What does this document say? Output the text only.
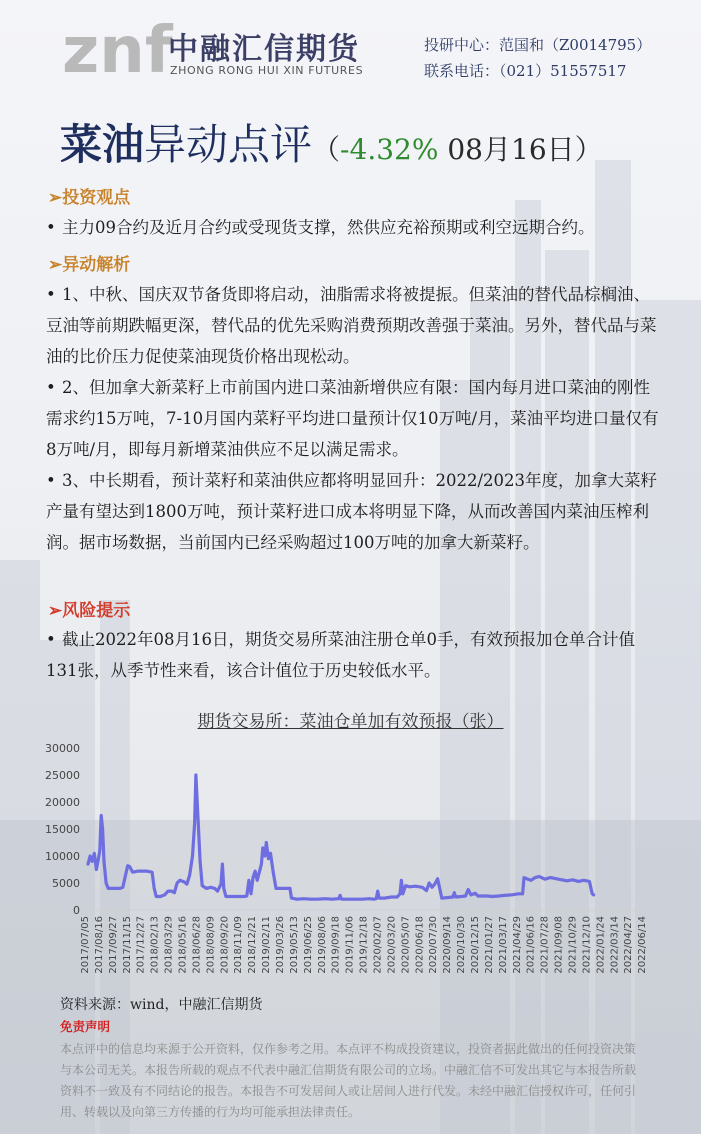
znf
中融汇信期货
ZHONG RONG HUI XIN FUTURES
投研中心：范国和（Z0014795）
联系电话：（021）51557517
菜油异动点评（-4.32% 08月16日）
➢投资观点
• 主力09合约及近月合约或受现货支撑，然供应充裕预期或利空远期合约。
➢异动解析
• 1、中秋、国庆双节备货即将启动，油脂需求将被提振。但菜油的替代品棕榈油、豆油等前期跌幅更深，替代品的优先采购消费预期改善强于菜油。另外，替代品与菜油的比价压力促使菜油现货价格出现松动。
• 2、但加拿大新菜籽上市前国内进口菜油新增供应有限：国内每月进口菜油的刚性需求约15万吨，7-10月国内菜籽平均进口量预计仅10万吨/月，菜油平均进口量仅有8万吨/月，即每月新增菜油供应不足以满足需求。
• 3、中长期看，预计菜籽和菜油供应都将明显回升：2022/2023年度，加拿大菜籽产量有望达到1800万吨，预计菜籽进口成本将明显下降，从而改善国内菜油压榨利润。据市场数据，当前国内已经采购超过100万吨的加拿大新菜籽。
➢风险提示
• 截止2022年08月16日，期货交易所菜油注册仓单0手，有效预报加仓单合计值131张，从季节性来看，该合计值位于历史较低水平。
期货交易所：菜油仓单加有效预报（张）
0
5000
10000
15000
20000
25000
30000
2017/07/05 2017/08/16 2017/09/27 2017/11/15 2017/12/27 2018/02/13 2018/03/29 2018/05/16 2018/06/28 2018/08/09 2018/09/20 2018/11/09 2018/12/21 2019/02/11 2019/03/26 2019/05/13 2019/06/25 2019/08/06 2019/09/18 2019/11/06 2019/12/18 2020/02/07 2020/03/20 2020/05/07 2020/06/18 2020/07/30 2020/09/14 2020/10/30 2020/12/15 2021/01/27 2021/03/17 2021/04/29 2021/06/16 2021/07/28 2021/09/08 2021/10/29 2021/12/10 2022/01/24 2022/03/14 2022/04/27 2022/06/14
资料来源：wind，中融汇信期货
免责声明
本点评中的信息均来源于公开资料，仅作参考之用。本点评不构成投资建议，投资者据此做出的任何投资决策与本公司无关。本报告所载的观点不代表中融汇信期货有限公司的立场。中融汇信不可发出其它与本报告所载资料不一致及有不同结论的报告。本报告不可发居间人或让居间人进行代发。未经中融汇信授权许可，任何引用、转载以及向第三方传播的行为均可能承担法律责任。
